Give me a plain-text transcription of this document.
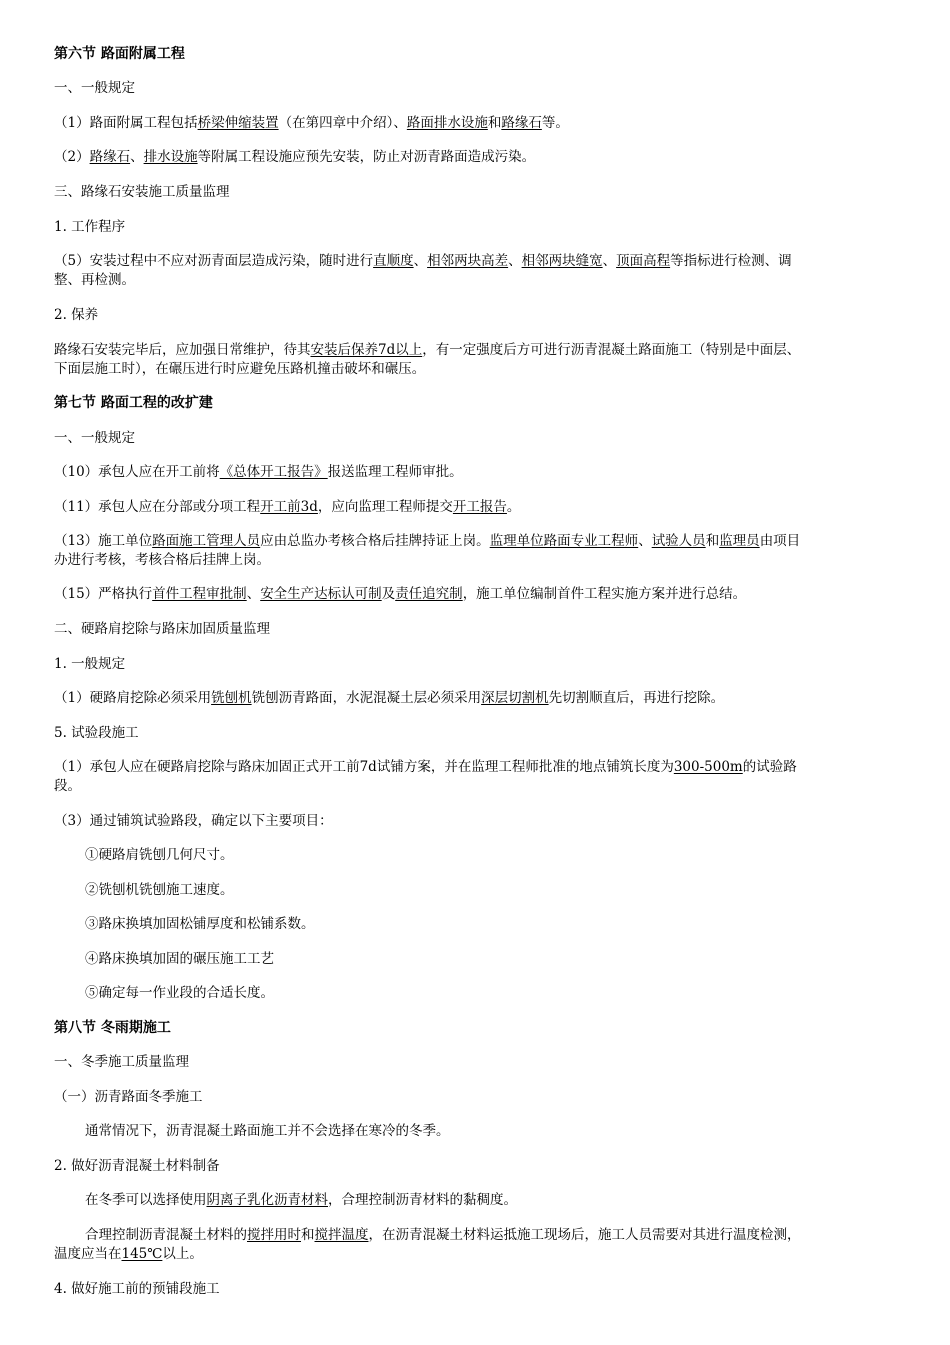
第六节 路面附属工程
一、一般规定
（1）路面附属工程包括桥梁伸缩装置（在第四章中介绍）、路面排水设施和路缘石等。
（2）路缘石、排水设施等附属工程设施应预先安装，防止对沥青路面造成污染。
三、路缘石安装施工质量监理
1. 工作程序
（5）安装过程中不应对沥青面层造成污染，随时进行直顺度、相邻两块高差、相邻两块缝宽、顶面高程等指标进行检测、调
整、再检测。
2. 保养
路缘石安装完毕后，应加强日常维护，待其安装后保养7d以上，有一定强度后方可进行沥青混凝土路面施工（特别是中面层、
下面层施工时），在碾压进行时应避免压路机撞击破坏和碾压。
第七节 路面工程的改扩建
一、一般规定
（10）承包人应在开工前将《总体开工报告》报送监理工程师审批。
（11）承包人应在分部或分项工程开工前3d，应向监理工程师提交开工报告。
（13）施工单位路面施工管理人员应由总监办考核合格后挂牌持证上岗。监理单位路面专业工程师、试验人员和监理员由项目
办进行考核，考核合格后挂牌上岗。
（15）严格执行首件工程审批制、安全生产达标认可制及责任追究制，施工单位编制首件工程实施方案并进行总结。
二、硬路肩挖除与路床加固质量监理
1. 一般规定
（1）硬路肩挖除必须采用铣刨机铣刨沥青路面，水泥混凝土层必须采用深层切割机先切割顺直后，再进行挖除。
5. 试验段施工
（1）承包人应在硬路肩挖除与路床加固正式开工前7d试铺方案，并在监理工程师批准的地点铺筑长度为300-500m的试验路
段。
（3）通过铺筑试验路段，确定以下主要项目：
①硬路肩铣刨几何尺寸。
②铣刨机铣刨施工速度。
③路床换填加固松铺厚度和松铺系数。
④路床换填加固的碾压施工工艺
⑤确定每一作业段的合适长度。
第八节 冬雨期施工
一、冬季施工质量监理
（一）沥青路面冬季施工
通常情况下，沥青混凝土路面施工并不会选择在寒冷的冬季。
2. 做好沥青混凝土材料制备
在冬季可以选择使用阴离子乳化沥青材料，合理控制沥青材料的黏稠度。
合理控制沥青混凝土材料的搅拌用时和搅拌温度，在沥青混凝土材料运抵施工现场后，施工人员需要对其进行温度检测，
温度应当在145℃以上。
4. 做好施工前的预铺段施工
